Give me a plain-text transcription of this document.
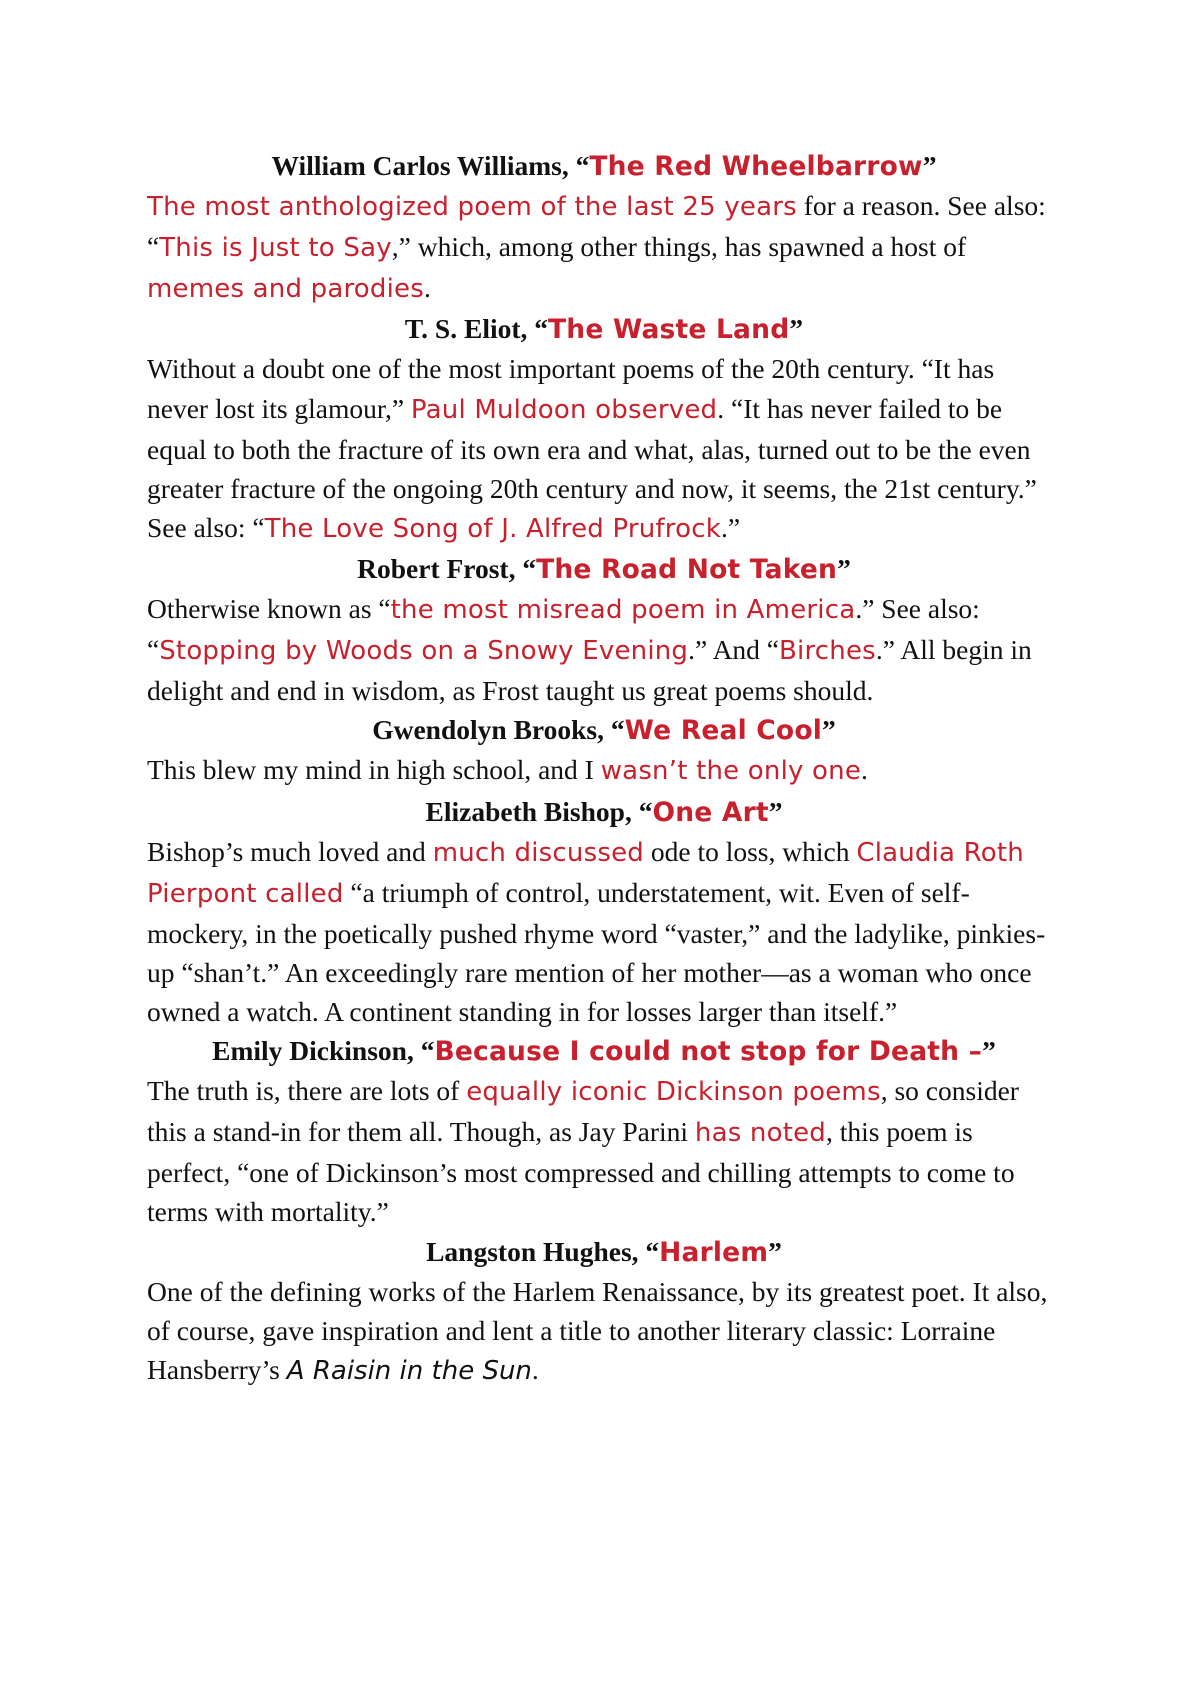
William Carlos Williams, “The Red Wheelbarrow”

The most anthologized poem of the last 25 years for a reason. See also: “This is Just to Say,” which, among other things, has spawned a host of memes and parodies.

T. S. Eliot, “The Waste Land”

Without a doubt one of the most important poems of the 20th century. “It has never lost its glamour,” Paul Muldoon observed. “It has never failed to be equal to both the fracture of its own era and what, alas, turned out to be the even greater fracture of the ongoing 20th century and now, it seems, the 21st century.” See also: “The Love Song of J. Alfred Prufrock.”

Robert Frost, “The Road Not Taken”

Otherwise known as “the most misread poem in America.” See also: “Stopping by Woods on a Snowy Evening.” And “Birches.” All begin in delight and end in wisdom, as Frost taught us great poems should.

Gwendolyn Brooks, “We Real Cool”

This blew my mind in high school, and I wasn’t the only one.

Elizabeth Bishop, “One Art”

Bishop’s much loved and much discussed ode to loss, which Claudia Roth Pierpont called “a triumph of control, understatement, wit. Even of self-mockery, in the poetically pushed rhyme word “vaster,” and the ladylike, pinkies-up “shan’t.” An exceedingly rare mention of her mother—as a woman who once owned a watch. A continent standing in for losses larger than itself.”

Emily Dickinson, “Because I could not stop for Death –”

The truth is, there are lots of equally iconic Dickinson poems, so consider this a stand-in for them all. Though, as Jay Parini has noted, this poem is perfect, “one of Dickinson’s most compressed and chilling attempts to come to terms with mortality.”

Langston Hughes, “Harlem”

One of the defining works of the Harlem Renaissance, by its greatest poet. It also, of course, gave inspiration and lent a title to another literary classic: Lorraine Hansberry’s A Raisin in the Sun.
